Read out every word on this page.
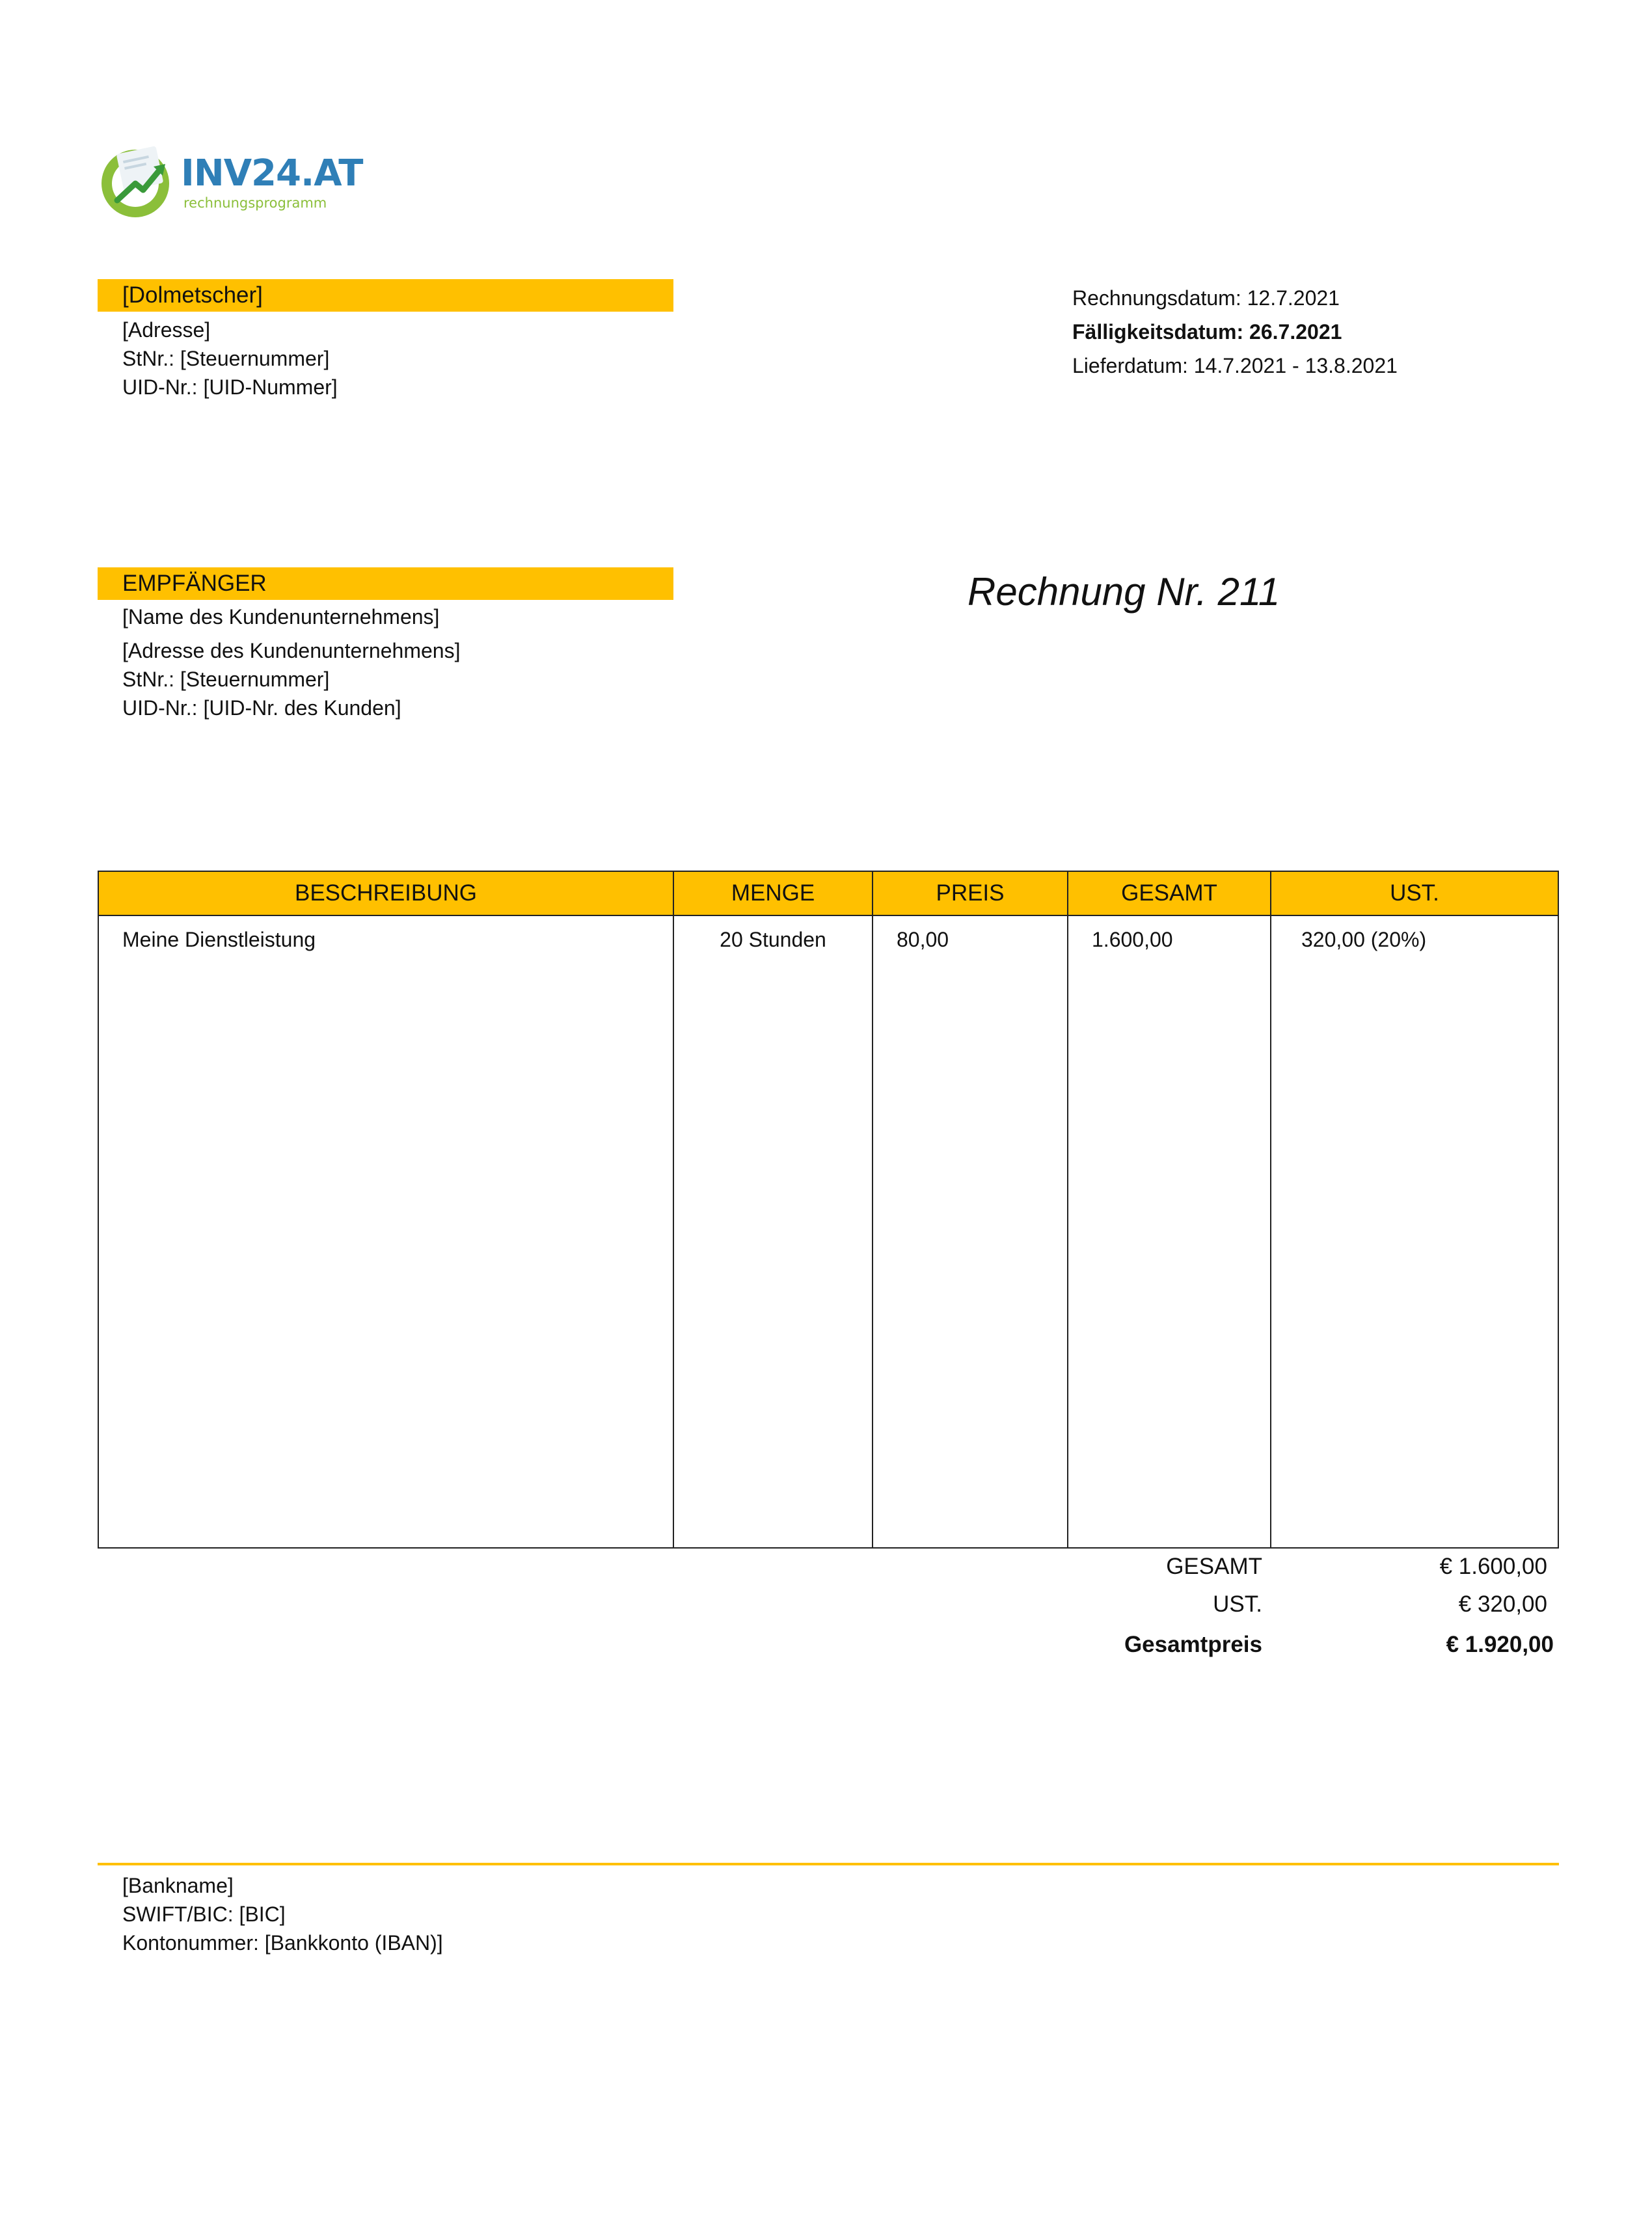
INV24.AT
rechnungsprogramm
[Dolmetscher]
[Adresse]
StNr.: [Steuernummer]
UID-Nr.: [UID-Nummer]
Rechnungsdatum: 12.7.2021
Fälligkeitsdatum: 26.7.2021
Lieferdatum: 14.7.2021 - 13.8.2021
EMPFÄNGER
[Name des Kundenunternehmens]
[Adresse des Kundenunternehmens]
StNr.: [Steuernummer]
UID-Nr.: [UID-Nr. des Kunden]
Rechnung Nr. 211
BESCHREIBUNG	MENGE	PREIS	GESAMT	UST.
Meine Dienstleistung	20 Stunden	80,00	1.600,00	320,00 (20%)
GESAMT	€ 1.600,00
UST.	€ 320,00
Gesamtpreis	€ 1.920,00
[Bankname]
SWIFT/BIC: [BIC]
Kontonummer: [Bankkonto (IBAN)]
